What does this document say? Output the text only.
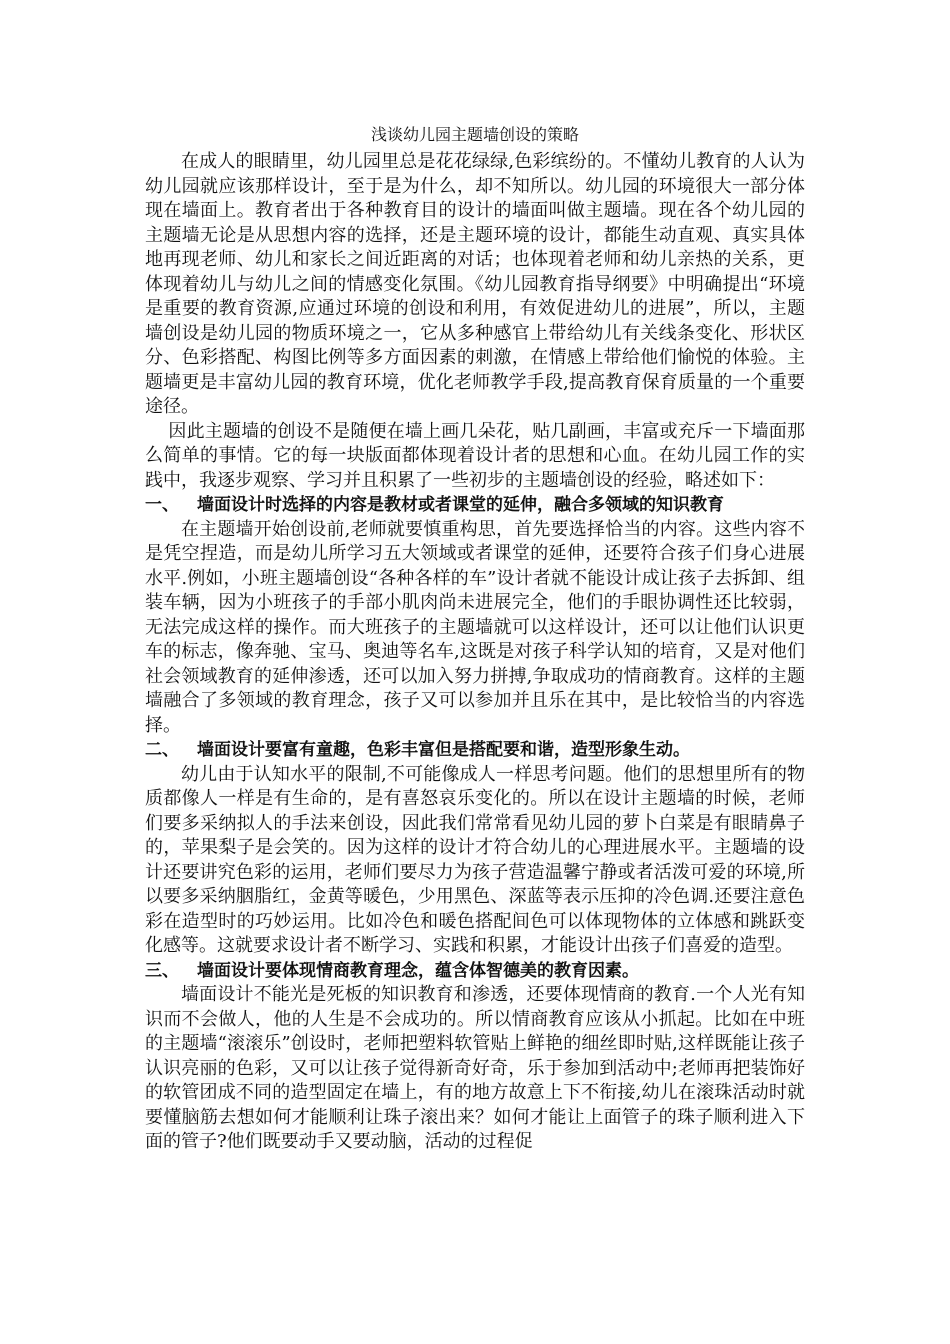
浅谈幼儿园主题墙创设的策略

在成人的眼睛里，幼儿园里总是花花绿绿,色彩缤纷的。不懂幼儿教育的人认为幼儿园就应该那样设计，至于是为什么，却不知所以。幼儿园的环境很大一部分体现在墙面上。教育者出于各种教育目的设计的墙面叫做主题墙。现在各个幼儿园的主题墙无论是从思想内容的选择，还是主题环境的设计，都能生动直观、真实具体地再现老师、幼儿和家长之间近距离的对话；也体现着老师和幼儿亲热的关系，更体现着幼儿与幼儿之间的情感变化氛围。《幼儿园教育指导纲要》中明确提出“环境是重要的教育资源,应通过环境的创设和利用，有效促进幼儿的进展”，所以，主题墙创设是幼儿园的物质环境之一，它从多种感官上带给幼儿有关线条变化、形状区分、色彩搭配、构图比例等多方面因素的刺激，在情感上带给他们愉悦的体验。主题墙更是丰富幼儿园的教育环境，优化老师教学手段,提高教育保育质量的一个重要途径。

因此主题墙的创设不是随便在墙上画几朵花，贴几副画，丰富或充斥一下墙面那么简单的事情。它的每一块版面都体现着设计者的思想和心血。在幼儿园工作的实践中，我逐步观察、学习并且积累了一些初步的主题墙创设的经验，略述如下：

一、 墙面设计时选择的内容是教材或者课堂的延伸，融合多领域的知识教育

在主题墙开始创设前,老师就要慎重构思，首先要选择恰当的内容。这些内容不是凭空捏造，而是幼儿所学习五大领域或者课堂的延伸，还要符合孩子们身心进展水平.例如，小班主题墙创设“各种各样的车”设计者就不能设计成让孩子去拆卸、组装车辆，因为小班孩子的手部小肌肉尚未进展完全，他们的手眼协调性还比较弱，无法完成这样的操作。而大班孩子的主题墙就可以这样设计，还可以让他们认识更车的标志，像奔驰、宝马、奥迪等名车,这既是对孩子科学认知的培育，又是对他们社会领域教育的延伸渗透，还可以加入努力拼搏,争取成功的情商教育。这样的主题墙融合了多领域的教育理念，孩子又可以参加并且乐在其中，是比较恰当的内容选择。

二、 墙面设计要富有童趣，色彩丰富但是搭配要和谐，造型形象生动。

幼儿由于认知水平的限制,不可能像成人一样思考问题。他们的思想里所有的物质都像人一样是有生命的，是有喜怒哀乐变化的。所以在设计主题墙的时候，老师们要多采纳拟人的手法来创设，因此我们常常看见幼儿园的萝卜白菜是有眼睛鼻子的，苹果梨子是会笑的。因为这样的设计才符合幼儿的心理进展水平。主题墙的设计还要讲究色彩的运用，老师们要尽力为孩子营造温馨宁静或者活泼可爱的环境,所以要多采纳胭脂红，金黄等暖色，少用黑色、深蓝等表示压抑的冷色调.还要注意色彩在造型时的巧妙运用。比如冷色和暖色搭配间色可以体现物体的立体感和跳跃变化感等。这就要求设计者不断学习、实践和积累，才能设计出孩子们喜爱的造型。

三、 墙面设计要体现情商教育理念，蕴含体智德美的教育因素。

墙面设计不能光是死板的知识教育和渗透，还要体现情商的教育.一个人光有知识而不会做人，他的人生是不会成功的。所以情商教育应该从小抓起。比如在中班的主题墙“滚滚乐”创设时，老师把塑料软管贴上鲜艳的细丝即时贴,这样既能让孩子认识亮丽的色彩，又可以让孩子觉得新奇好奇，乐于参加到活动中;老师再把装饰好的软管团成不同的造型固定在墙上，有的地方故意上下不衔接,幼儿在滚珠活动时就要懂脑筋去想如何才能顺利让珠子滚出来？如何才能让上面管子的珠子顺利进入下面的管子?他们既要动手又要动脑，活动的过程促
